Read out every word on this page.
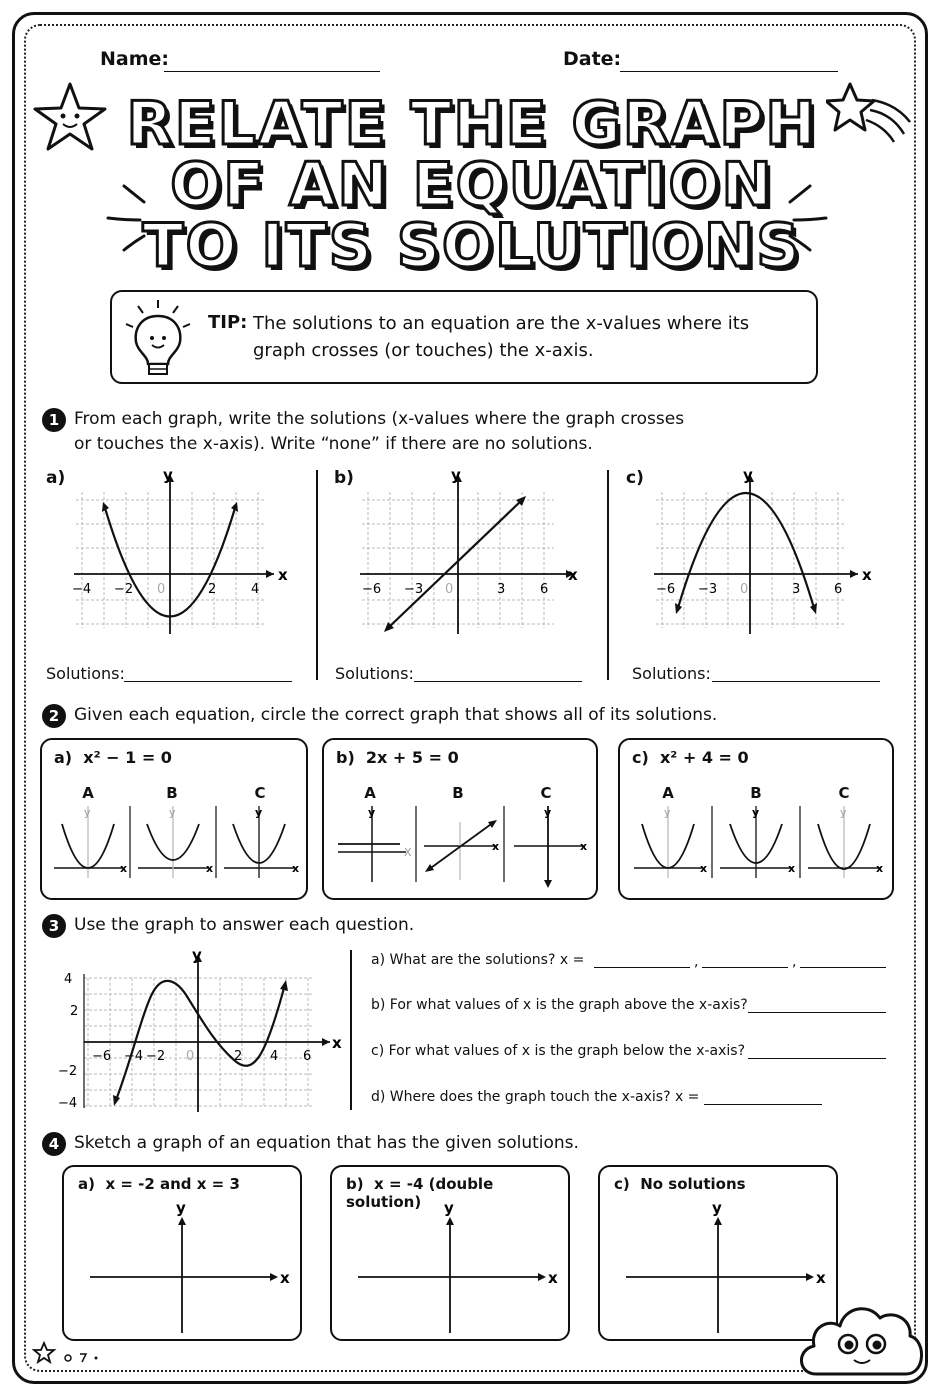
Name:	Date:
RELATE THE GRAPH
OF AN EQUATION
TO ITS SOLUTIONS
TIP: The solutions to an equation are the x-values where its
graph crosses (or touches) the x-axis.
1 From each graph, write the solutions (x-values where the graph crosses
or touches the x-axis). Write “none” if there are no solutions.
a)	b)	c)
x
y
−4 −2 0	2	4
x
y
−6 −3 0	3	6
x
y
−6 −3 0	3	6
Solutions:	Solutions:	Solutions:
2 Given each equation, circle the correct graph that shows all of its solutions.
a) x² − 1 = 0
A	B	C
x
y
x
y
x
y
b) 2x + 5 = 0
A	B	C
X
y
x	x
y
c) x² + 4 = 0
A	B	C
x
y
x
y
x
y
3 Use the graph to answer each question.
x
y
4
2
−2
−4
−6 −4 −2 0	2 4 6
a) What are the solutions? x =	,	,
b) For what values of x is the graph above the x-axis?
c) For what values of x is the graph below the x-axis?
d) Where does the graph touch the x-axis? x =
4 Sketch a graph of an equation that has the given solutions.
a) x = -2 and x = 3
x
y
b) x = -4 (double solution)
x
y
c) No solutions
x
y
